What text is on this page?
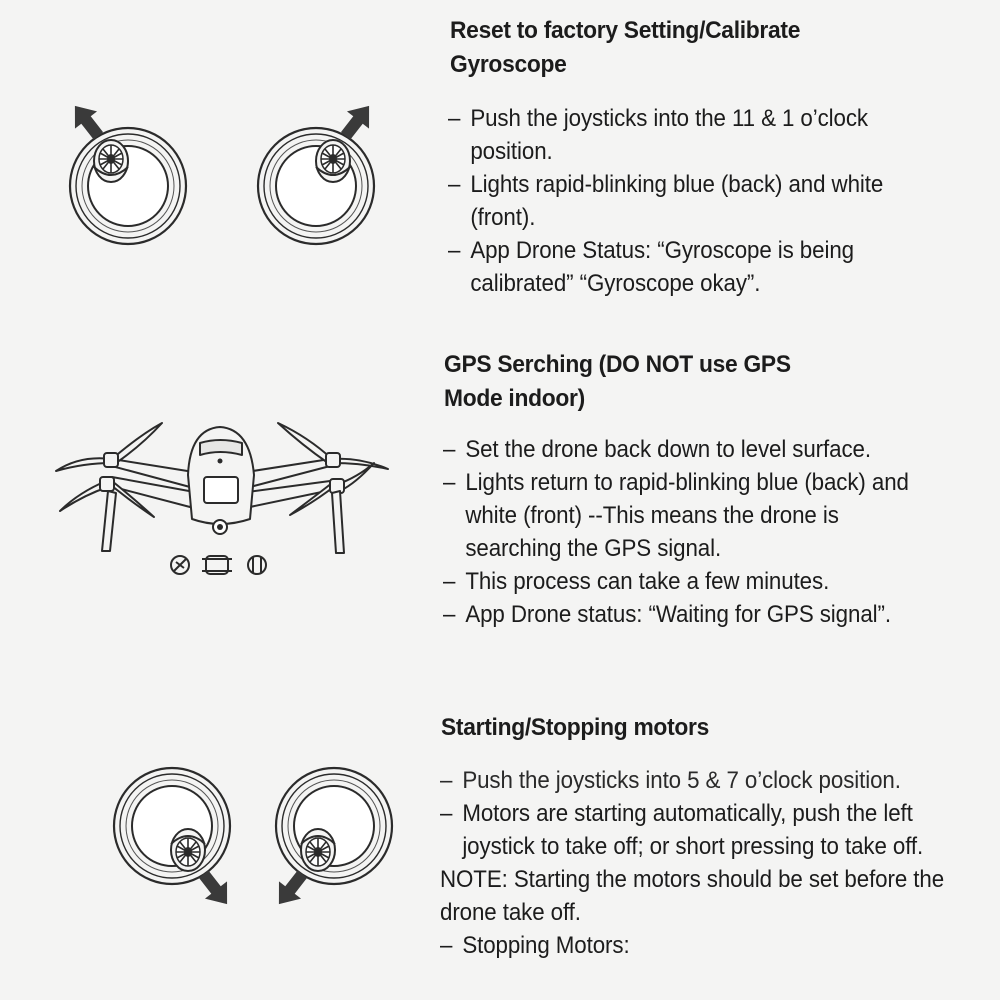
Reset to factory Setting/Calibrate
Gyroscope
– Push the joysticks into the 11 & 1 o’clock position.
– Lights rapid-blinking blue (back) and white (front).
– App Drone Status: “Gyroscope is being calibrated” “Gyroscope okay”.
GPS Serching (DO NOT use GPS
Mode indoor)
– Set the drone back down to level surface.
– Lights return to rapid-blinking blue (back) and white (front) --This means the drone is searching the GPS signal.
– This process can take a few minutes.
– App Drone status: “Waiting for GPS signal”.
Starting/Stopping motors
– Push the joysticks into 5 & 7 o’clock position.
– Motors are starting automatically, push the left joystick to take off; or short pressing to take off.
NOTE: Starting the motors should be set before the drone take off.
– Stopping Motors:
